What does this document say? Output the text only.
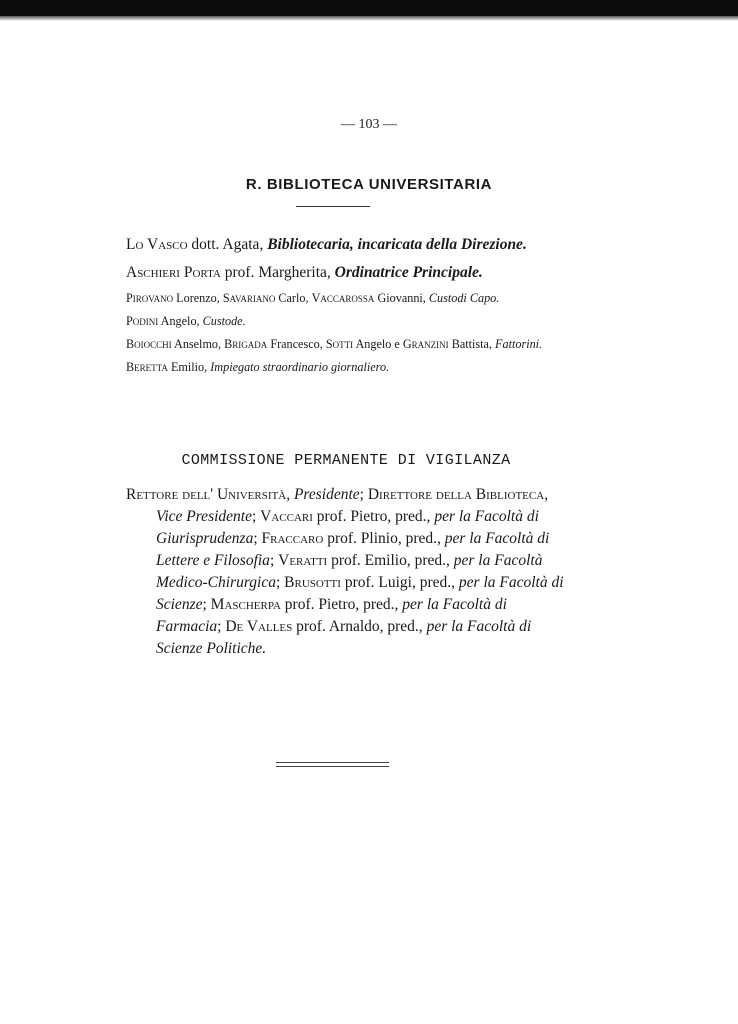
— 103 —
R. BIBLIOTECA UNIVERSITARIA

Lo Vasco dott. Agata, Bibliotecaria, incaricata della Direzione.

Aschieri Porta prof. Margherita, Ordinatrice Principale.

Pirovano Lorenzo, Savariano Carlo, Vaccarossa Giovanni, Custodi Capo.

Podini Angelo, Custode.

Boiocchi Anselmo, Brigada Francesco, Sotti Angelo e Granzini Battista, Fattorini.

Beretta Emilio, Impiegato straordinario giornaliero.

COMMISSIONE PERMANENTE DI VIGILANZA
Rettore dell' Università, Presidente; Direttore della Biblioteca, Vice Presidente; Vaccari prof. Pietro, pred., per la Facoltà di Giurisprudenza; Fraccaro prof. Plinio, pred., per la Facoltà di Lettere e Filosofia; Veratti prof. Emilio, pred., per la Facoltà Medico-Chirurgica; Brusotti prof. Luigi, pred., per la Facoltà di Scienze; Mascherpa prof. Pietro, pred., per la Facoltà di Farmacia; De Valles prof. Arnaldo, pred., per la Facoltà di Scienze Politiche.
